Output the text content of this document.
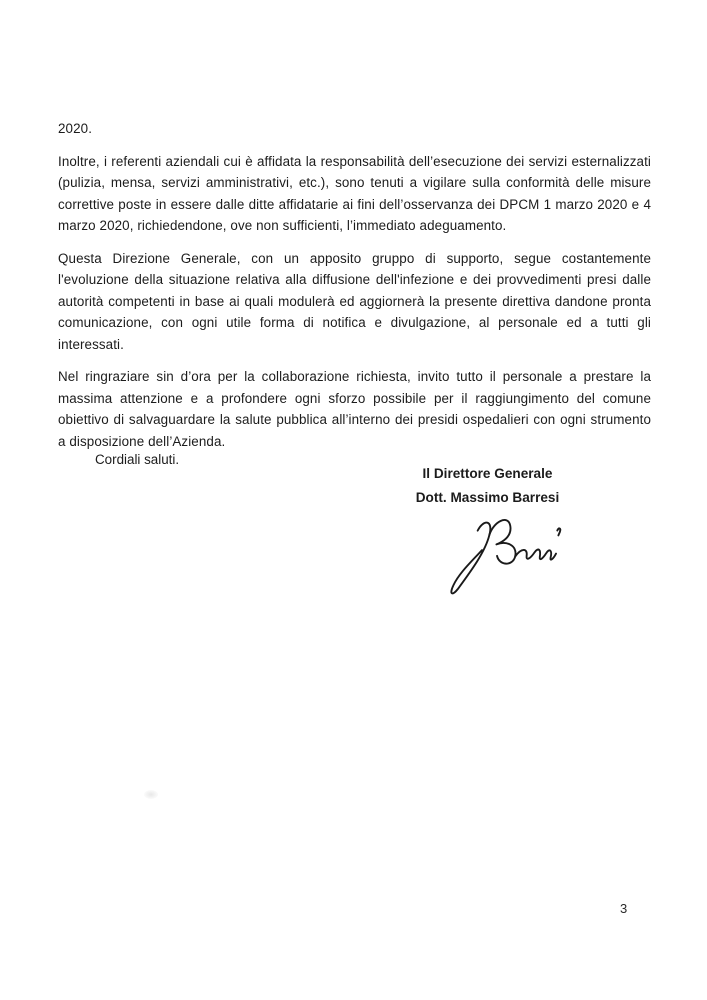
2020.

Inoltre, i referenti aziendali cui è affidata la responsabilità dell’esecuzione dei servizi esternalizzati (pulizia, mensa, servizi amministrativi, etc.), sono tenuti a vigilare sulla conformità delle misure correttive poste in essere dalle ditte affidatarie ai fini dell’osservanza dei DPCM 1 marzo 2020 e 4 marzo 2020, richiedendone, ove non sufficienti, l’immediato adeguamento.

Questa Direzione Generale, con un apposito gruppo di supporto, segue costantemente l'evoluzione della situazione relativa alla diffusione dell'infezione e dei provvedimenti presi dalle autorità competenti in base ai quali modulerà ed aggiornerà la presente direttiva dandone pronta comunicazione, con ogni utile forma di notifica e divulgazione, al personale ed a tutti gli interessati.

Nel ringraziare sin d’ora per la collaborazione richiesta, invito tutto il personale a prestare la massima attenzione e a profondere ogni sforzo possibile per il raggiungimento del comune obiettivo di salvaguardare la salute pubblica all’interno dei presidi ospedalieri con ogni strumento a disposizione dell’Azienda.

Cordiali saluti.
Il Direttore Generale
Dott. Massimo Barresi
3
